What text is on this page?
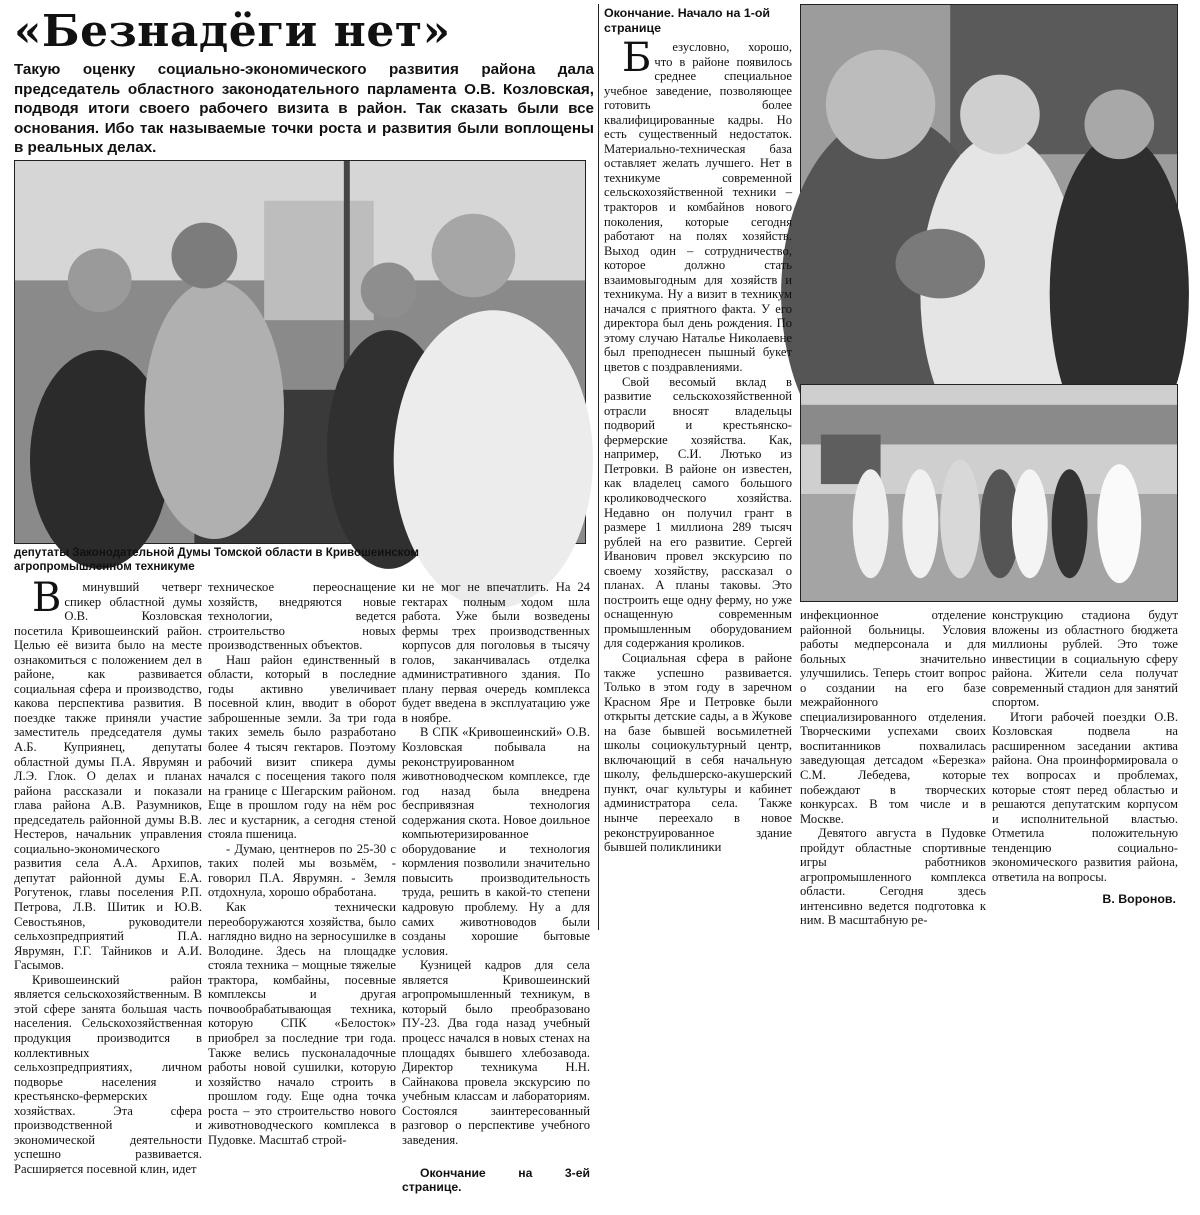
«Безнадёги нет»
Такую оценку социально-экономического развития района дала председатель областного законодательного парламента О.В. Козловская, подводя итоги своего рабочего визита в район. Так сказать были все основания. Ибо так называемые точки роста и развития были воплощены в реальных делах.
депутаты Законодательной Думы Томской области в Кривошеинском агропромышленном техникуме

Вминувший четверг спикер областной думы О.В. Козловская посетила Кривошеинский район. Целью её визита было на месте ознакомиться с положением дел в районе, как развивается социальная сфера и производство, какова перспектива развития. В поездке также приняли участие заместитель председателя думы А.Б. Куприянец, депутаты областной думы П.А. Яврумян и Л.Э. Глок. О делах и планах района рассказали и показали глава района А.В. Разумников, председатель районной думы В.В. Нестеров, начальник управления социально-экономического развития села А.А. Архипов, депутат районной думы Е.А. Рогутенок, главы поселения Р.П. Петрова, Л.В. Шитик и Ю.В. Севостьянов, руководители сельхозпредприятий П.А. Яврумян, Г.Г. Тайников и А.И. Гасымов.

Кривошеинский район является сельскохозяйственным. В этой сфере занята большая часть населения. Сельскохозяйственная продукция производится в коллективных сельхозпредприятиях, личном подворье населения и крестьянско-фермерских хозяйствах. Эта сфера производственной и экономической деятельности успешно развивается. Расширяется посевной клин, идет

техническое переоснащение хозяйств, внедряются новые технологии, ведется строительство новых производственных объектов.

Наш район единственный в области, который в последние годы активно увеличивает посевной клин, вводит в оборот заброшенные земли. За три года таких земель было разработано более 4 тысяч гектаров. Поэтому рабочий визит спикера думы начался с посещения такого поля на границе с Шегарским районом. Еще в прошлом году на нём рос лес и кустарник, а сегодня стеной стояла пшеница.

- Думаю, центнеров по 25-30 с таких полей мы возьмём, - говорил П.А. Яврумян. - Земля отдохнула, хорошо обработана.

Как технически переоборужаются хозяйства, было наглядно видно на зерносушилке в Володине. Здесь на площадке стояла техника – мощные тяжелые трактора, комбайны, посевные комплексы и другая почвообрабатывающая техника, которую СПК «Белосток» приобрел за последние три года. Также велись пусконаладочные работы новой сушилки, которую хозяйство начало строить в прошлом году. Еще одна точка роста – это строительство нового животноводческого комплекса в Пудовке. Масштаб строй-

ки не мог не впечатлить. На 24 гектарах полным ходом шла работа. Уже были возведены фермы трех производственных корпусов для поголовья в тысячу голов, заканчивалась отделка административного здания. По плану первая очередь комплекса будет введена в эксплуатацию уже в ноябре.

В СПК «Кривошеинский» О.В. Козловская побывала на реконструированном животноводческом комплексе, где год назад была внедрена беспривязная технология содержания скота. Новое доильное компьютеризированное оборудование и технология кормления позволили значительно повысить производительность труда, решить в какой-то степени кадровую проблему. Ну а для самих животноводов были созданы хорошие бытовые условия.

Кузницей кадров для села является Кривошеинский агропромышленный техникум, в который было преобразовано ПУ-23. Два года назад учебный процесс начался в новых стенах на площадях бывшего хлебозавода. Директор техникума Н.Н. Сайнакова провела экскурсию по учебным классам и лабораториям. Состоялся заинтересованный разговор о перспективе учебного заведения.

Окончание на 3-ей странице.
Окончание. Начало на 1-ой странице

Безусловно, хорошо, что в районе появилось среднее специальное учебное заведение, позволяющее готовить более квалифицированные кадры. Но есть существенный недостаток. Материально-техническая база оставляет желать лучшего. Нет в техникуме современной сельскохозяйственной техники – тракторов и комбайнов нового поколения, которые сегодня работают на полях хозяйств. Выход один – сотрудничество, которое должно стать взаимовыгодным для хозяйств и техникума. Ну а визит в техникум начался с приятного факта. У его директора был день рождения. По этому случаю Наталье Николаевне был преподнесен пышный букет цветов с поздравлениями.

Свой весомый вклад в развитие сельскохозяйственной отрасли вносят владельцы подворий и крестьянско-фермерские хозяйства. Как, например, С.И. Лютько из Петровки. В районе он известен, как владелец самого большого кролиководческого хозяйства. Недавно он получил грант в размере 1 миллиона 289 тысяч рублей на его развитие. Сергей Иванович провел экскурсию по своему хозяйству, рассказал о планах. А планы таковы. Это построить еще одну ферму, но уже оснащенную современным промышленным оборудованием для содержания кроликов.

Социальная сфера в районе также успешно развивается. Только в этом году в заречном Красном Яре и Петровке были открыты детские сады, а в Жукове на базе бывшей восьмилетней школы социокультурный центр, включающий в себя начальную школу, фельдшерско-акушерский пункт, очаг культуры и кабинет администратора села. Также нынче переехало в новое реконструированное здание бывшей поликлиники

инфекционное отделение районной больницы. Условия работы медперсонала и для больных значительно улучшились. Теперь стоит вопрос о создании на его базе межрайонного специализированного отделения. Творческими успехами своих воспитанников похвалилась заведующая детсадом «Березка» С.М. Лебедева, которые побеждают в творческих конкурсах. В том числе и в Москве.

Девятого августа в Пудовке пройдут областные спортивные игры работников агропромышленного комплекса области. Сегодня здесь интенсивно ведется подготовка к ним. В масштабную ре-

конструкцию стадиона будут вложены из областного бюджета миллионы рублей. Это тоже инвестиции в социальную сферу района. Жители села получат современный стадион для занятий спортом.

Итоги рабочей поездки О.В. Козловская подвела на расширенном заседании актива района. Она проинформировала о тех вопросах и проблемах, которые стоят перед областью и решаются депутатским корпусом и исполнительной властью. Отметила положительную тенденцию социально-экономического развития района, ответила на вопросы.

В. Воронов.
